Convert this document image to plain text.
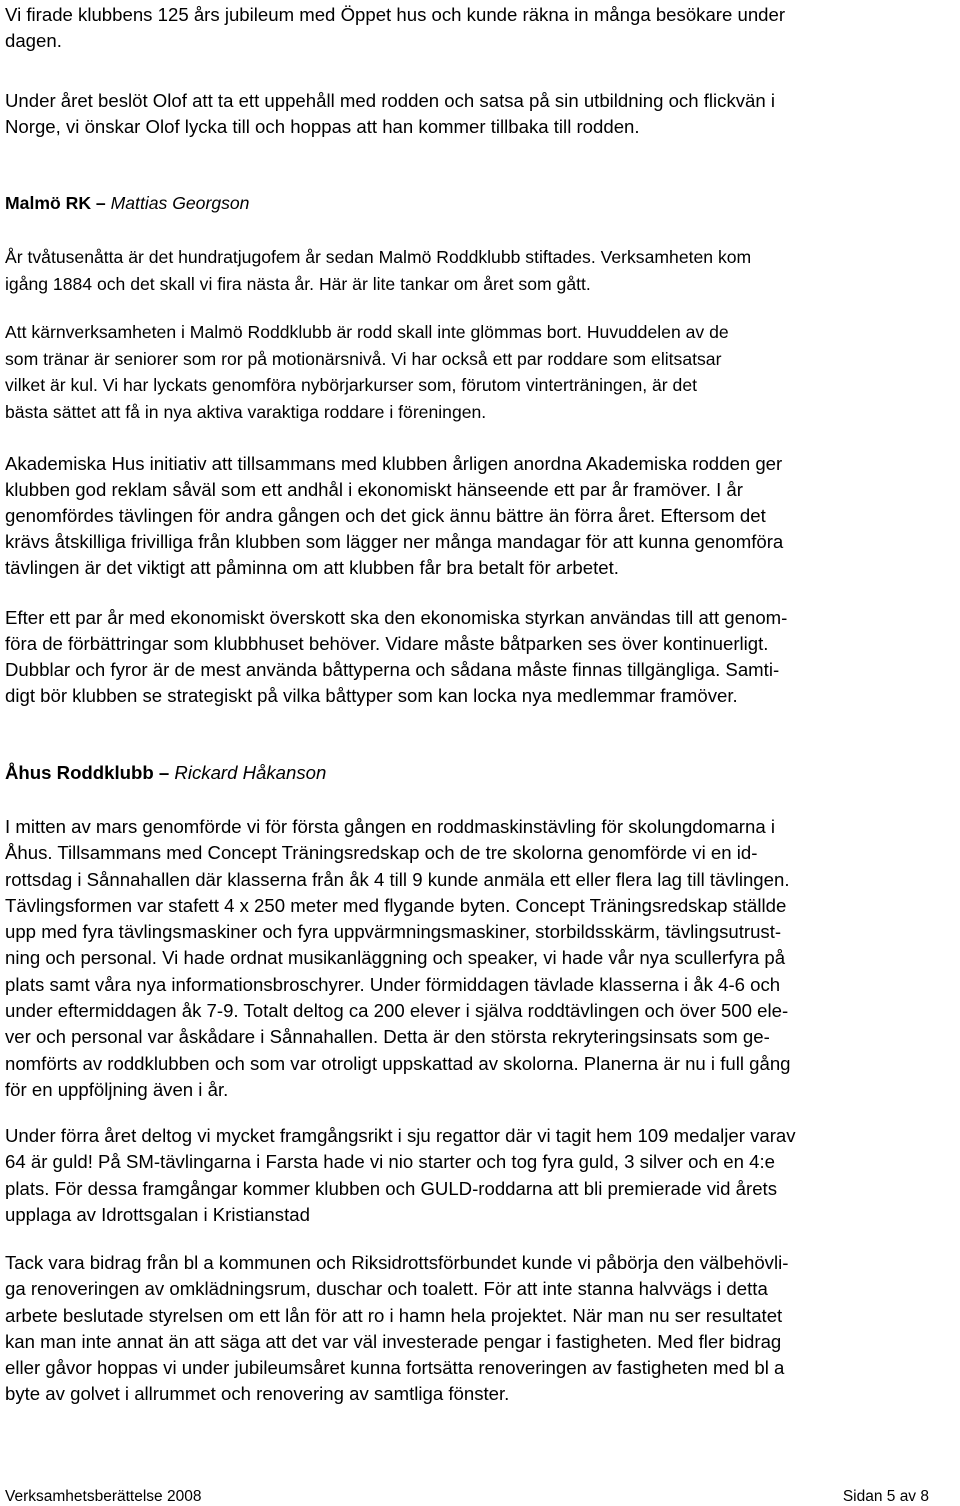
Vi firade klubbens 125 års jubileum med Öppet hus och kunde räkna in många besökare under
dagen.

Under året beslöt Olof att ta ett uppehåll med rodden och satsa på sin utbildning och flickvän i
Norge, vi önskar Olof lycka till och hoppas att han kommer tillbaka till rodden.

Malmö RK – Mattias Georgson

År tvåtusenåtta är det hundratjugofem år sedan Malmö Roddklubb stiftades. Verksamheten kom
igång 1884 och det skall vi fira nästa år. Här är lite tankar om året som gått.

Att kärnverksamheten i Malmö Roddklubb är rodd skall inte glömmas bort. Huvuddelen av de
som tränar är seniorer som ror på motionärsnivå. Vi har också ett par roddare som elitsatsar
vilket är kul. Vi har lyckats genomföra nybörjarkurser som, förutom vinterträningen, är det
bästa sättet att få in nya aktiva varaktiga roddare i föreningen.

Akademiska Hus initiativ att tillsammans med klubben årligen anordna Akademiska rodden ger
klubben god reklam såväl som ett andhål i ekonomiskt hänseende ett par år framöver. I år
genomfördes tävlingen för andra gången och det gick ännu bättre än förra året. Eftersom det
krävs åtskilliga frivilliga från klubben som lägger ner många mandagar för att kunna genomföra
tävlingen är det viktigt att påminna om att klubben får bra betalt för arbetet.

Efter ett par år med ekonomiskt överskott ska den ekonomiska styrkan användas till att genom-
föra de förbättringar som klubbhuset behöver. Vidare måste båtparken ses över kontinuerligt.
Dubblar och fyror är de mest använda båttyperna och sådana måste finnas tillgängliga. Samti-
digt bör klubben se strategiskt på vilka båttyper som kan locka nya medlemmar framöver.

Åhus Roddklubb – Rickard Håkanson

I mitten av mars genomförde vi för första gången en roddmaskinstävling för skolungdomarna i
Åhus. Tillsammans med Concept Träningsredskap och de tre skolorna genomförde vi en id-
rottsdag i Sånnahallen där klasserna från åk 4 till 9 kunde anmäla ett eller flera lag till tävlingen.
Tävlingsformen var stafett 4 x 250 meter med flygande byten. Concept Träningsredskap ställde
upp med fyra tävlingsmaskiner och fyra uppvärmningsmaskiner, storbildsskärm, tävlingsutrust-
ning och personal. Vi hade ordnat musikanläggning och speaker, vi hade vår nya scullerfyra på
plats samt våra nya informationsbroschyrer. Under förmiddagen tävlade klasserna i åk 4-6 och
under eftermiddagen åk 7-9. Totalt deltog ca 200 elever i själva roddtävlingen och över 500 ele-
ver och personal var åskådare i Sånnahallen. Detta är den största rekryteringsinsats som ge-
nomförts av roddklubben och som var otroligt uppskattad av skolorna. Planerna är nu i full gång
för en uppföljning även i år.

Under förra året deltog vi mycket framgångsrikt i sju regattor där vi tagit hem 109 medaljer varav
64 är guld! På SM-tävlingarna i Farsta hade vi nio starter och tog fyra guld, 3 silver och en 4:e
plats. För dessa framgångar kommer klubben och GULD-roddarna att bli premierade vid årets
upplaga av Idrottsgalan i Kristianstad

Tack vara bidrag från bl a kommunen och Riksidrottsförbundet kunde vi påbörja den välbehövli-
ga renoveringen av omklädningsrum, duschar och toalett. För att inte stanna halvvägs i detta
arbete beslutade styrelsen om ett lån för att ro i hamn hela projektet. När man nu ser resultatet
kan man inte annat än att säga att det var väl investerade pengar i fastigheten. Med fler bidrag
eller gåvor hoppas vi under jubileumsåret kunna fortsätta renoveringen av fastigheten med bl a
byte av golvet i allrummet och renovering av samtliga fönster.

Verksamhetsberättelse 2008	Sidan 5 av 8
